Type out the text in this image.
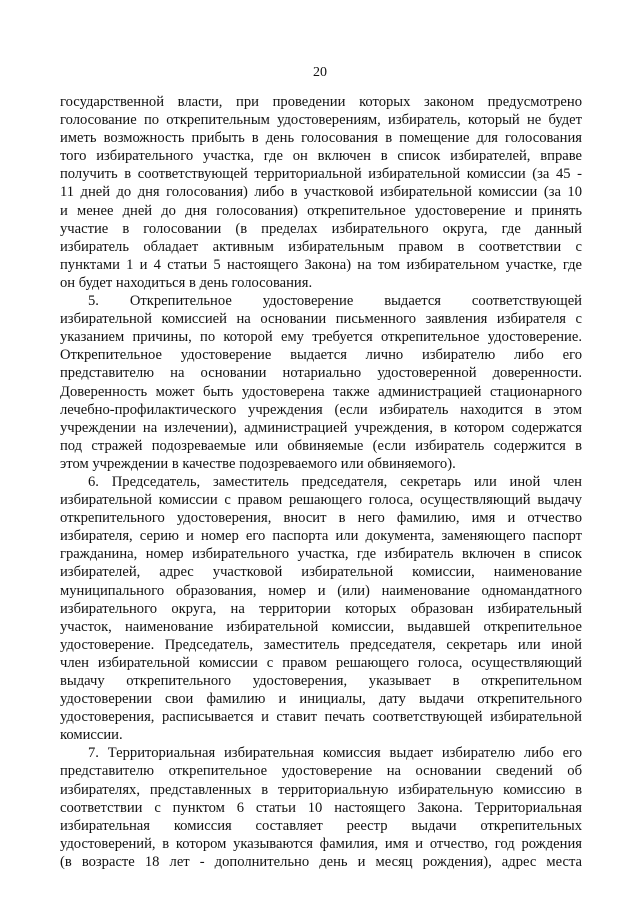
20
государственной власти, при проведении которых законом предусмотрено
голосование по открепительным удостоверениям, избиратель, который не будет
иметь возможность прибыть в день голосования в помещение для голосования
того избирательного участка, где он включен в список избирателей, вправе
получить в соответствующей территориальной избирательной комиссии (за 45 -
11 дней до дня голосования) либо в участковой избирательной комиссии (за 10
и менее дней до дня голосования) открепительное удостоверение и принять
участие в голосовании (в пределах избирательного округа, где данный
избиратель обладает активным избирательным правом в соответствии с
пунктами 1 и 4 статьи 5 настоящего Закона) на том избирательном участке, где
он будет находиться в день голосования.
5. Открепительное удостоверение выдается соответствующей
избирательной комиссией на основании письменного заявления избирателя с
указанием причины, по которой ему требуется открепительное удостоверение.
Открепительное удостоверение выдается лично избирателю либо его
представителю на основании нотариально удостоверенной доверенности.
Доверенность может быть удостоверена также администрацией стационарного
лечебно-профилактического учреждения (если избиратель находится в этом
учреждении на излечении), администрацией учреждения, в котором содержатся
под стражей подозреваемые или обвиняемые (если избиратель содержится в
этом учреждении в качестве подозреваемого или обвиняемого).
6. Председатель, заместитель председателя, секретарь или иной член
избирательной комиссии с правом решающего голоса, осуществляющий выдачу
открепительного удостоверения, вносит в него фамилию, имя и отчество
избирателя, серию и номер его паспорта или документа, заменяющего паспорт
гражданина, номер избирательного участка, где избиратель включен в список
избирателей, адрес участковой избирательной комиссии, наименование
муниципального образования, номер и (или) наименование одномандатного
избирательного округа, на территории которых образован избирательный
участок, наименование избирательной комиссии, выдавшей открепительное
удостоверение. Председатель, заместитель председателя, секретарь или иной
член избирательной комиссии с правом решающего голоса, осуществляющий
выдачу открепительного удостоверения, указывает в открепительном
удостоверении свои фамилию и инициалы, дату выдачи открепительного
удостоверения, расписывается и ставит печать соответствующей избирательной
комиссии.
7. Территориальная избирательная комиссия выдает избирателю либо его
представителю открепительное удостоверение на основании сведений об
избирателях, представленных в территориальную избирательную комиссию в
соответствии с пунктом 6 статьи 10 настоящего Закона. Территориальная
избирательная комиссия составляет реестр выдачи открепительных
удостоверений, в котором указываются фамилия, имя и отчество, год рождения
(в возрасте 18 лет - дополнительно день и месяц рождения), адрес места
